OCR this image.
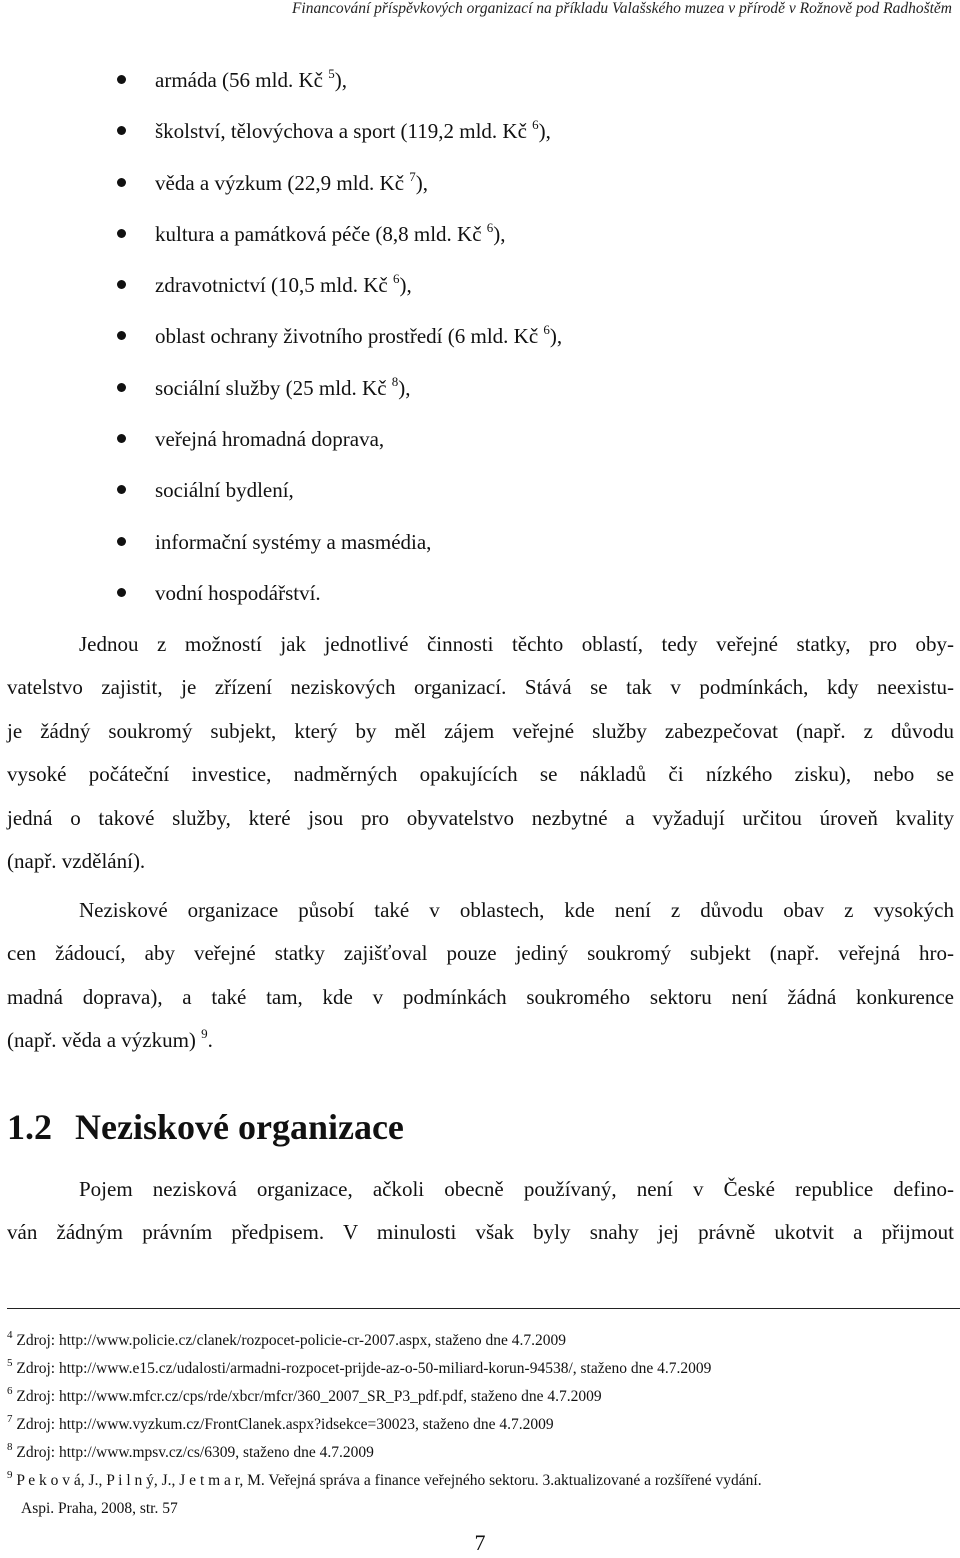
Financování příspěvkových organizací na příkladu Valašského muzea v přírodě v Rožnově pod Radhoštěm
armáda (56 mld. Kč $^5$),
školství, tělovýchova a sport (119,2 mld. Kč $^6$),
věda a výzkum (22,9 mld. Kč $^7$),
kultura a památková péče (8,8 mld. Kč $^6$),
zdravotnictví (10,5 mld. Kč $^6$),
oblast ochrany životního prostředí (6 mld. Kč $^6$),
sociální služby (25 mld. Kč $^8$),
veřejná hromadná doprava,
sociální bydlení,
informační systémy a masmédia,
vodní hospodářství.
Jednou z možností jak jednotlivé činnosti těchto oblastí, tedy veřejné statky, pro oby-
vatelstvo zajistit, je zřízení neziskových organizací. Stává se tak v podmínkách, kdy neexistu-
je žádný soukromý subjekt, který by měl zájem veřejné služby zabezpečovat (např. z důvodu
vysoké počáteční investice, nadměrných opakujících se nákladů či nízkého zisku), nebo se
jedná o takové služby, které jsou pro obyvatelstvo nezbytné a vyžadují určitou úroveň kvality
(např. vzdělání).
Neziskové organizace působí také v oblastech, kde není z důvodu obav z vysokých
cen žádoucí, aby veřejné statky zajišťoval pouze jediný soukromý subjekt (např. veřejná hro-
madná doprava), a také tam, kde v podmínkách soukromého sektoru není žádná konkurence
(např. věda a výzkum) $^9$.
1.2 Neziskové organizace
Pojem nezisková organizace, ačkoli obecně používaný, není v České republice defino-
ván žádným právním předpisem. V minulosti však byly snahy jej právně ukotvit a přijmout
$^4$ Zdroj: http://www.policie.cz/clanek/rozpocet-policie-cr-2007.aspx, staženo dne 4.7.2009
$^5$ Zdroj: http://www.e15.cz/udalosti/armadni-rozpocet-prijde-az-o-50-miliard-korun-94538/, staženo dne 4.7.2009
$^6$ Zdroj: http://www.mfcr.cz/cps/rde/xbcr/mfcr/360_2007_SR_P3_pdf.pdf, staženo dne 4.7.2009
$^7$ Zdroj: http://www.vyzkum.cz/FrontClanek.aspx?idsekce=30023, staženo dne 4.7.2009
$^8$ Zdroj: http://www.mpsv.cz/cs/6309, staženo dne 4.7.2009
$^9$ P e k o v á, J., P i l n ý, J., J e t m a r, M. Veřejná správa a finance veřejného sektoru. 3.aktualizované a rozšířené vydání.
Aspi. Praha, 2008, str. 57
7
